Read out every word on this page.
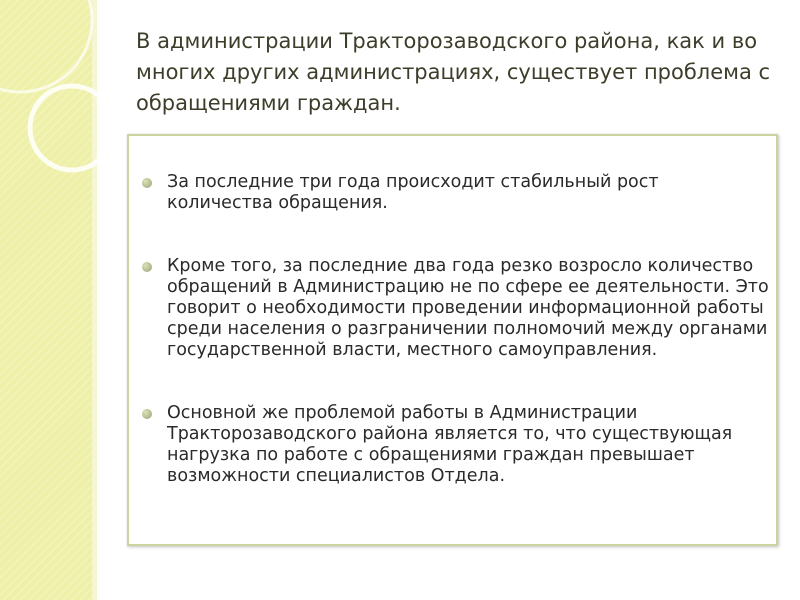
В администрации Тракторозаводского района, как и во многих других администрациях, существует проблема с обращениями граждан.
За последние три года происходит стабильный рост количества обращения.
Кроме того, за последние два года резко возросло количество обращений в Администрацию не по сфере ее деятельности. Это говорит о необходимости проведении информационной работы среди населения о разграничении полномочий между органами государственной власти, местного самоуправления.
Основной же проблемой работы в Администрации Тракторозаводского района является то, что существующая нагрузка по работе с обращениями граждан превышает возможности специалистов Отдела.
